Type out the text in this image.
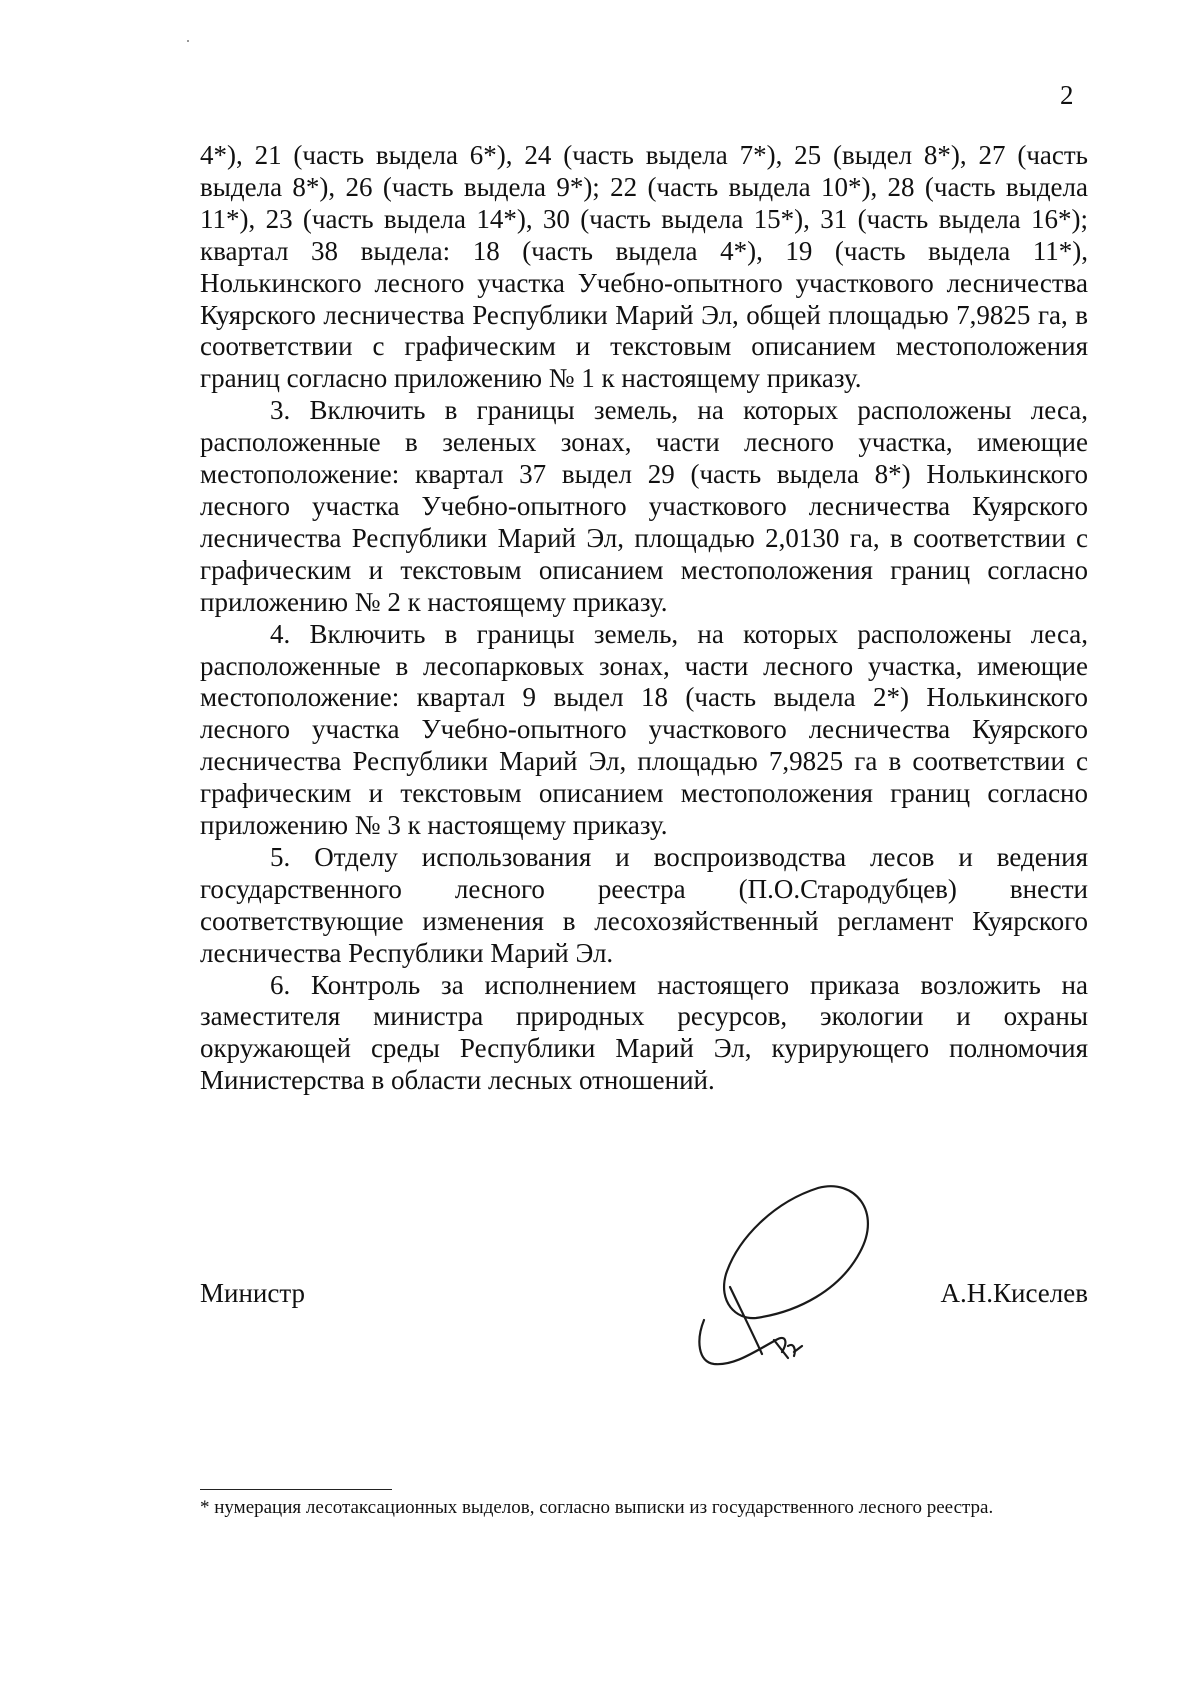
2

4*), 21 (часть выдела 6*), 24 (часть выдела 7*), 25 (выдел 8*), 27 (часть выдела 8*), 26 (часть выдела 9*); 22 (часть выдела 10*), 28 (часть выдела 11*), 23 (часть выдела 14*), 30 (часть выдела 15*), 31 (часть выдела 16*); квартал 38 выдела: 18 (часть выдела 4*), 19 (часть выдела 11*), Нолькинского лесного участка Учебно-опытного участкового лесничества Куярского лесничества Республики Марий Эл, общей площадью 7,9825 га, в соответствии с графическим и текстовым описанием местоположения границ согласно приложению № 1 к настоящему приказу.

3. Включить в границы земель, на которых расположены леса, расположенные в зеленых зонах, части лесного участка, имеющие местоположение: квартал 37 выдел 29 (часть выдела 8*) Нолькинского лесного участка Учебно-опытного участкового лесничества Куярского лесничества Республики Марий Эл, площадью 2,0130 га, в соответствии с графическим и текстовым описанием местоположения границ согласно приложению № 2 к настоящему приказу.

4. Включить в границы земель, на которых расположены леса, расположенные в лесопарковых зонах, части лесного участка, имеющие местоположение: квартал 9 выдел 18 (часть выдела 2*) Нолькинского лесного участка Учебно-опытного участкового лесничества Куярского лесничества Республики Марий Эл, площадью 7,9825 га в соответствии с графическим и текстовым описанием местоположения границ согласно приложению № 3 к настоящему приказу.

5. Отделу использования и воспроизводства лесов и ведения государственного лесного реестра (П.О.Стародубцев) внести соответствующие изменения в лесохозяйственный регламент Куярского лесничества Республики Марий Эл.

6. Контроль за исполнением настоящего приказа возложить на заместителя министра природных ресурсов, экологии и охраны окружающей среды Республики Марий Эл, курирующего полномочия Министерства в области лесных отношений.

Министр	А.Н.Киселев
* нумерация лесотаксационных выделов, согласно выписки из государственного лесного реестра.
